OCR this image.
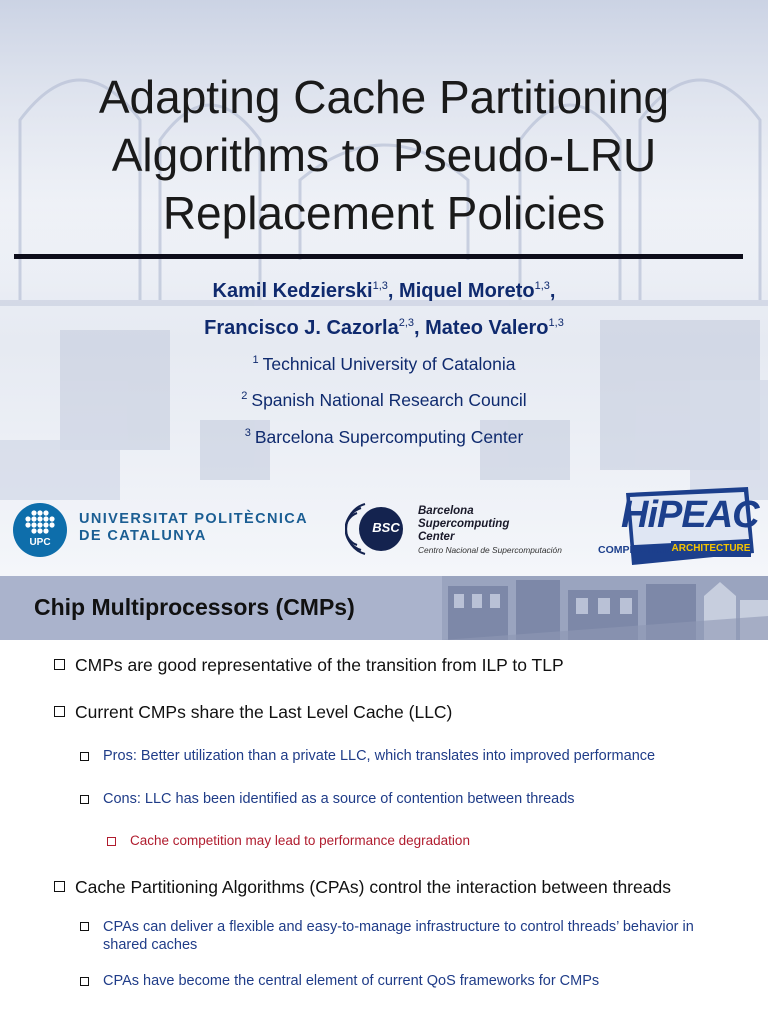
Adapting Cache Partitioning
Algorithms to Pseudo-LRU
Replacement Policies
Kamil Kedzierski$^{1,3}$, Miquel Moreto$^{1,3}$,
Francisco J. Cazorla$^{2,3}$, Mateo Valero$^{1,3}$
$^1$ Technical University of Catalonia
$^2$ Spanish National Research Council
$^3$ Barcelona Supercomputing Center
UPC
UNIVERSITAT POLITÈCNICA
DE CATALUNYA
BSC
Barcelona
Supercomputing
Center
Centro Nacional de Supercomputación
HiPEAC
COMPILATION ARCHITECTURE
Chip Multiprocessors (CMPs)
CMPs are good representative of the transition from ILP to TLP
Current CMPs share the Last Level Cache (LLC)
Pros: Better utilization than a private LLC, which translates into improved performance
Cons: LLC has been identified as a source of contention between threads
Cache competition may lead to performance degradation
Cache Partitioning Algorithms (CPAs) control the interaction between threads
CPAs can deliver a flexible and easy-to-manage infrastructure to control threads’ behavior in shared caches
CPAs have become the central element of current QoS frameworks for CMPs
